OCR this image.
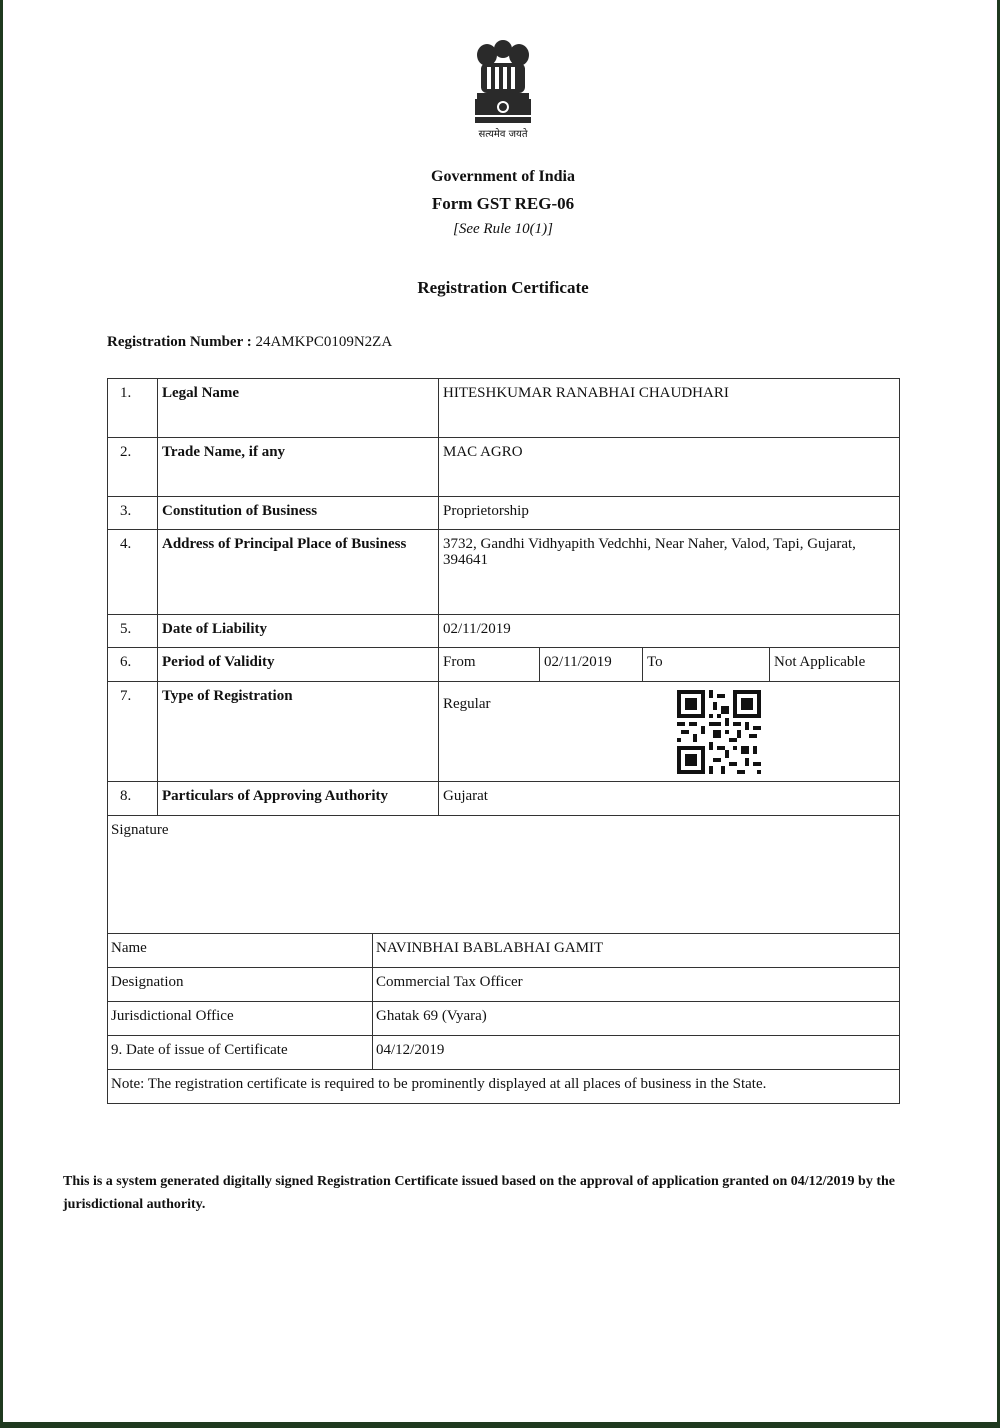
सत्यमेव जयते
Government of India
Form GST REG-06
[See Rule 10(1)]
Registration Certificate
Registration Number : 24AMKPC0109N2ZA
1.	Legal Name	HITESHKUMAR RANABHAI CHAUDHARI			
2.	Trade Name, if any	MAC AGRO			
3.	Constitution of Business	Proprietorship			
4.	Address of Principal Place of Business	3732, Gandhi Vidhyapith Vedchhi, Near Naher, Valod, Tapi, Gujarat, 394641			
5.	Date of Liability	02/11/2019			
6.	Period of Validity	From	02/11/2019	To	Not Applicable
7.	Type of Registration	Regular			
8.	Particulars of Approving Authority	Gujarat			
Signature	
Name	NAVINBHAI BABLABHAI GAMIT
Designation	Commercial Tax Officer
Jurisdictional Office	Ghatak 69 (Vyara)
9. Date of issue of Certificate	04/12/2019
Note: The registration certificate is required to be prominently displayed at all places of business in the State.	
This is a system generated digitally signed Registration Certificate issued based on the approval of application granted on 04/12/2019 by the jurisdictional authority.
